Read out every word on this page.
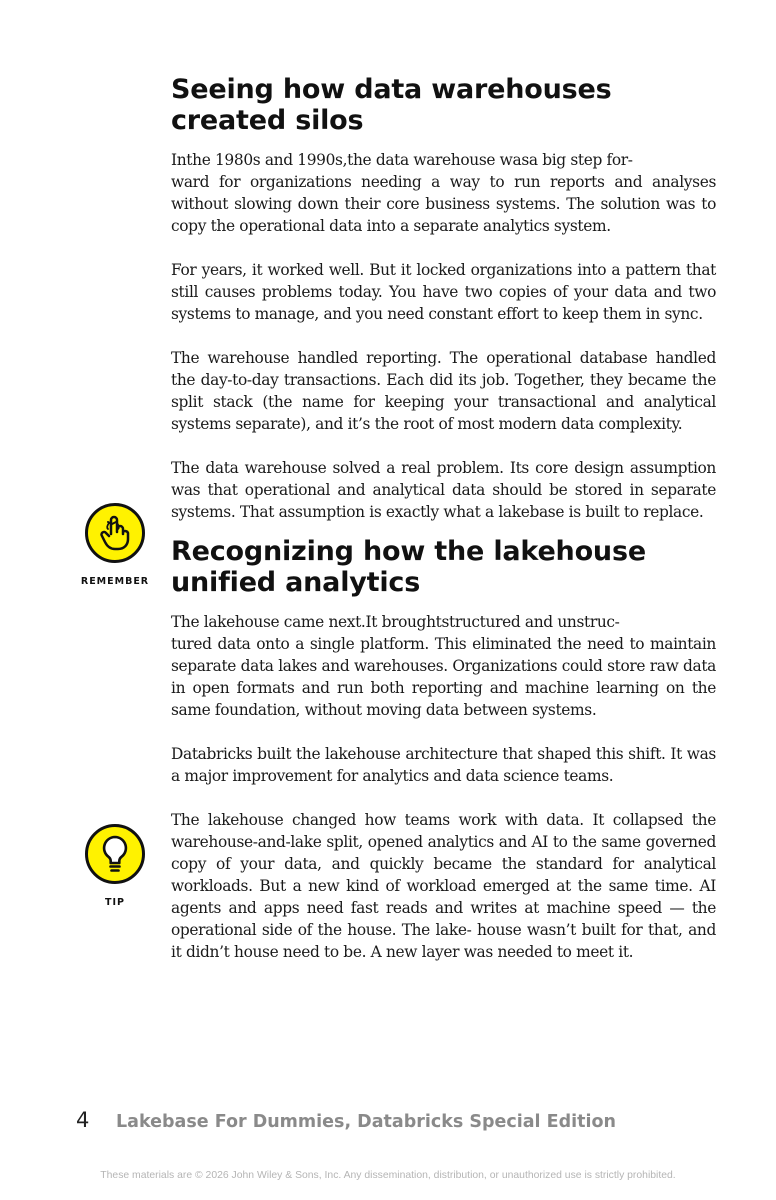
Seeing how data warehouses
created silos

Inthe 1980s and 1990s,the data warehouse wasa big step for-

ward for organizations needing a way to run reports and analyses without slowing down their core business systems. The solution was to copy the operational data into a separate analytics system.

For years, it worked well. But it locked organizations into a pattern that still causes problems today. You have two copies of your data and two systems to manage, and you need constant effort to keep them in sync.

The warehouse handled reporting. The operational database handled the day-to-day transactions. Each did its job. Together, they became the split stack (the name for keeping your transactional and analytical systems separate), and it’s the root of most modern data complexity.

The data warehouse solved a real problem. Its core design assumption was that operational and analytical data should be stored in separate systems. That assumption is exactly what a lakebase is built to replace.

Recognizing how the lakehouse
unified analytics

The lakehouse came next.It broughtstructured and unstruc-

tured data onto a single platform. This eliminated the need to maintain separate data lakes and warehouses. Organizations could store raw data in open formats and run both reporting and machine learning on the same foundation, without moving data between systems.

Databricks built the lakehouse architecture that shaped this shift. It was a major improvement for analytics and data science teams.

The lakehouse changed how teams work with data. It collapsed the warehouse-and-lake split, opened analytics and AI to the same governed copy of your data, and quickly became the standard for analytical workloads. But a new kind of workload emerged at the same time. AI agents and apps need fast reads and writes at machine speed — the operational side of the house. The lake- house wasn’t built for that, and it didn’t house need to be. A new layer was needed to meet it.

REMEMBER
TIP
4	Lakebase For Dummies, Databricks Special Edition
These materials are © 2026 John Wiley & Sons, Inc. Any dissemination, distribution, or unauthorized use is strictly prohibited.
